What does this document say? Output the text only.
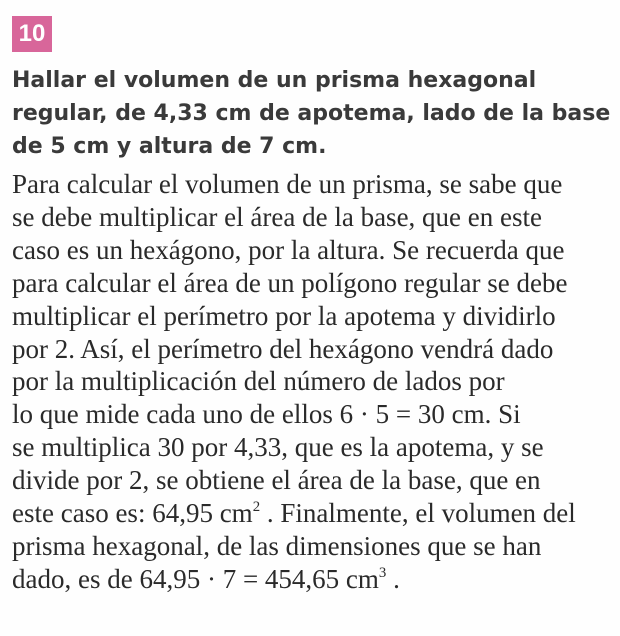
10
Hallar el volumen de un prisma hexagonal
regular, de 4,33 cm de apotema, lado de la base
de 5 cm y altura de 7 cm.
Para calcular el volumen de un prisma, se sabe que
se debe multiplicar el área de la base, que en este
caso es un hexágono, por la altura. Se recuerda que
para calcular el área de un polígono regular se debe
multiplicar el perímetro por la apotema y dividirlo
por 2. Así, el perímetro del hexágono vendrá dado
por la multiplicación del número de lados por
lo que mide cada uno de ellos 6 · 5 = 30 cm. Si
se multiplica 30 por 4,33, que es la apotema, y se
divide por 2, se obtiene el área de la base, que en
este caso es: 64,95 $cm^2$ . Finalmente, el volumen del
prisma hexagonal, de las dimensiones que se han
dado, es de 64,95 · 7 = 454,65 $cm^3$ .
